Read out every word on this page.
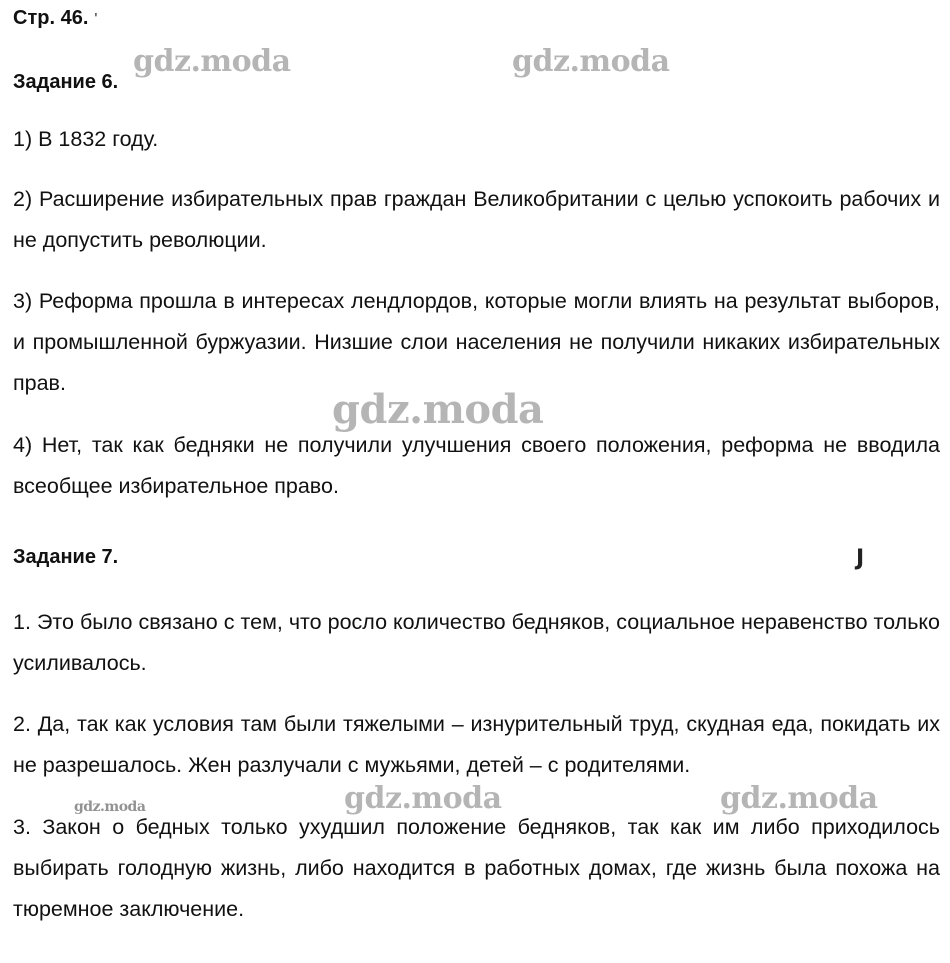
Стр. 46. '
Задание 6.

1) В 1832 году.

2) Расширение избирательных прав граждан Великобритании с целью успокоить рабочих и не допустить революции.

3) Реформа прошла в интересах лендлордов, которые могли влиять на результат выборов, и промышленной буржуазии. Низшие слои населения не получили никаких избирательных прав.

4) Нет, так как бедняки не получили улучшения своего положения, реформа не вводила всеобщее избирательное право.

Задание 7.

1. Это было связано с тем, что росло количество бедняков, социальное неравенство только усиливалось.

2. Да, так как условия там были тяжелыми – изнурительный труд, скудная еда, покидать их не разрешалось. Жен разлучали с мужьями, детей – с родителями.

3. Закон о бедных только ухудшил положение бедняков, так как им либо приходилось выбирать голодную жизнь, либо находится в работных домах, где жизнь была похожа на тюремное заключение.

J
gdz.moda	gdz.moda
gdz.moda
gdz.moda	gdz.moda	gdz.moda
